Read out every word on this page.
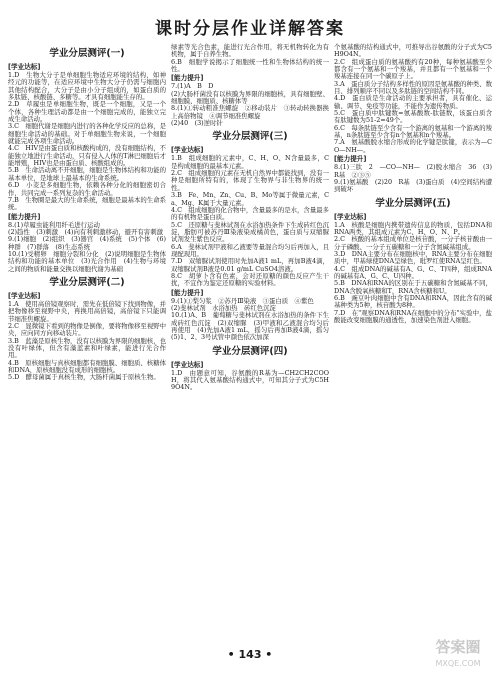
课时分层作业详解答案
学业分层测评(一)
[学业达标]
1.D　生物大分子是单细胞生物适应环境的结构，如神经元的功能等，在适应环境中生物大分子仍需与细胞内其他结构配合，大分子是由小分子组成的，如蛋白质的多肽链、核酸链、多糖等。才具有细胞能生存的。
2.D　草履虫是单细胞生物，既是一个细胞，又是一个个体，各种生理活动都是由一个细胞完成的，能独立完成生命活动。
3.C　细胞代谢是细胞内进行的各种化学反应的总称，是细胞生命活动的基础。对于单细胞生物来说，一个细胞就能完成各项生命活动。
4.C　HIV是由蛋白质和核酸构成的，没有细胞结构，不能独立地进行生命活动，只有侵入人体的T淋巴细胞后才能增殖，HIV也是由蛋白质、核酸组成的。
5.B　生命活动离不开细胞，细胞是生物体结构和功能的基本单位，是地球上最基本的生命系统。
6.D　小麦是多细胞生物，依赖各种分化的细胞密切合作，共同完成一系列复杂的生命活动。
7.B　生物圈是最大的生命系统，细胞是最基本的生命系统。
[能力提升]
8.(1)草履虫能利用纤毛进行运动
(2)趋性　(3)刺激　(4)向有利刺激移动，避开有害刺激
9.(1)细胞　(2)组织　(3)器官　(4)系统　(5)个体　(6)种群　(7)群落　(8)生态系统
10.(1)受精卵　细胞分裂和分化　(2)说明细胞是生物体结构和功能的基本单位　(3)光合作用　(4)生物与环境之间的物质和能量交换以细胞代谢为基础
学业分层测评(二)
[学业达标]
1.A　使用高倍镜观察时，需先在低倍镜下找到物像，并把物像移至视野中央，再换用高倍镜，高倍镜下只能调节细准焦螺旋。
2.C　显微镜下看到的物像是倒像，要将物像移至视野中央，应向同方向移动装片。
3.B　蓝藻是原核生物，没有以核膜为界限的细胞核，也没有叶绿体，但含有藻蓝素和叶绿素，能进行光合作用。
4.B　原核细胞与真核细胞都有细胞膜、细胞质、核糖体和DNA，原核细胞没有成形的细胞核。
5.D　酵母菌属于真核生物，大肠杆菌属于原核生物。
绿素等光合色素，能进行光合作用，将无机物转化为有机物，属于自养生物。
6.B　细胞学说揭示了细胞统一性和生物体结构的统一性。
[能力提升]
7.(1)A　B　D
(2)大肠杆菌没有以核膜为界限的细胞核，具有细胞壁、细胞膜、细胞质、核糖体等
8.(1)①转动粗准焦螺旋　②移动装片　③转动转换器换上高倍物镜　④调节细准焦螺旋
(2)40　(3)逆时针
学业分层测评(三)
[学业达标]
1.B　组成细胞的元素中，C、H、O、N含量最多，C是构成细胞的最基本元素。
2.C　组成细胞的元素在无机自然界中都能找到，没有一种是细胞所特有的，体现了生物界与非生物界的统一性。
3.B　Fe、Mn、Zn、Cu、B、Mo等属于微量元素，Ca、Mg、K属于大量元素。
4.C　组成细胞的化合物中，含量最多的是水，含量最多的有机物是蛋白质。
5.C　还原糖与斐林试剂在水浴加热条件下生成砖红色沉淀，脂肪可被苏丹Ⅲ染液染成橘黄色，蛋白质与双缩脲试剂发生紫色反应。
6.A　斐林试剂甲液和乙液要等量混合均匀后再加入，且现配现用。
7.D　双缩脲试剂使用时先加A液1 mL，再加B液4滴，双缩脲试剂B液是0.01 g/mL CuSO4溶液。
8.C　胡萝卜含有色素，会对还原糖的颜色反应产生干扰，不宜作为鉴定还原糖的实验材料。
[能力提升]
9.(1)①梨匀浆　②苏丹Ⅲ染液　③蛋白质　④紫色
(2)斐林试剂　水浴加热　砖红色沉淀
10.(1)A、B　葡萄糖与斐林试剂在水浴加热的条件下生成砖红色沉淀　(2)双缩脲　(3)甲液和乙液混合均匀后再使用　(4)先加A液1 mL，摇匀后再加B液4滴，摇匀　(5)1、2、3号试管中颜色依次加深
学业分层测评(四)
[学业达标]
1.D　由题意可知，谷氨酸的R基为—CH2CH2COOH，将其代入氨基酸结构通式中，可知其分子式为C5H9O4N。
个氨基酸的结构通式中，可推导出谷氨酸的分子式为C5H9O4N。
2.C　组成蛋白质的氨基酸约有20种，每种氨基酸至少都含有一个氨基和一个羧基，并且都有一个氨基和一个羧基连接在同一个碳原子上。
3.A　蛋白质分子结构多样性的原因是氨基酸的种类、数目、排列顺序不同以及多肽链的空间结构不同。
4.D　蛋白质是生命活动的主要承担者，具有催化、运输、调节、免疫等功能，不能作为遗传物质。
5.C　蛋白质中肽键数=氨基酸数-肽链数，该蛋白质含有肽键数为51-2=49个。
6.C　每条肽链至少含有一个游离的氨基和一个游离的羧基，n条肽链至少含有n个氨基和n个羧基。
7.A　氨基酸脱水缩合形成的化学键是肽键，表示为—CO—NH—。
[能力提升]
8.(1)三肽　2　—CO—NH—　(2)脱水缩合　36　(3)R基　②③⑤
9.(1)氨基酸　(2)20　R基　(3)蛋白质　(4)空间结构遭到破坏
学业分层测评(五)
[学业达标]
1.A　核酸是细胞内携带遗传信息的物质，包括DNA和RNA两类，其组成元素为C、H、O、N、P。
2.C　核酸的基本组成单位是核苷酸，一分子核苷酸由一分子磷酸、一分子五碳糖和一分子含氮碱基组成。
3.D　DNA主要分布在细胞核中，RNA主要分布在细胞质中，甲基绿使DNA呈绿色，吡罗红使RNA呈红色。
4.C　组成DNA的碱基有A、G、C、T四种，组成RNA的碱基有A、G、C、U四种。
5.B　DNA和RNA的区别在于五碳糖和含氮碱基不同，DNA含脱氧核糖和T，RNA含核糖和U。
6.B　豌豆叶肉细胞中含有DNA和RNA，因此含有的碱基种类为5种，核苷酸为8种。
7.D　在"观察DNA和RNA在细胞中的分布"实验中，盐酸能改变细胞膜的通透性，加速染色剂进入细胞。
• 143 •	答案圈
MXQE.COM
